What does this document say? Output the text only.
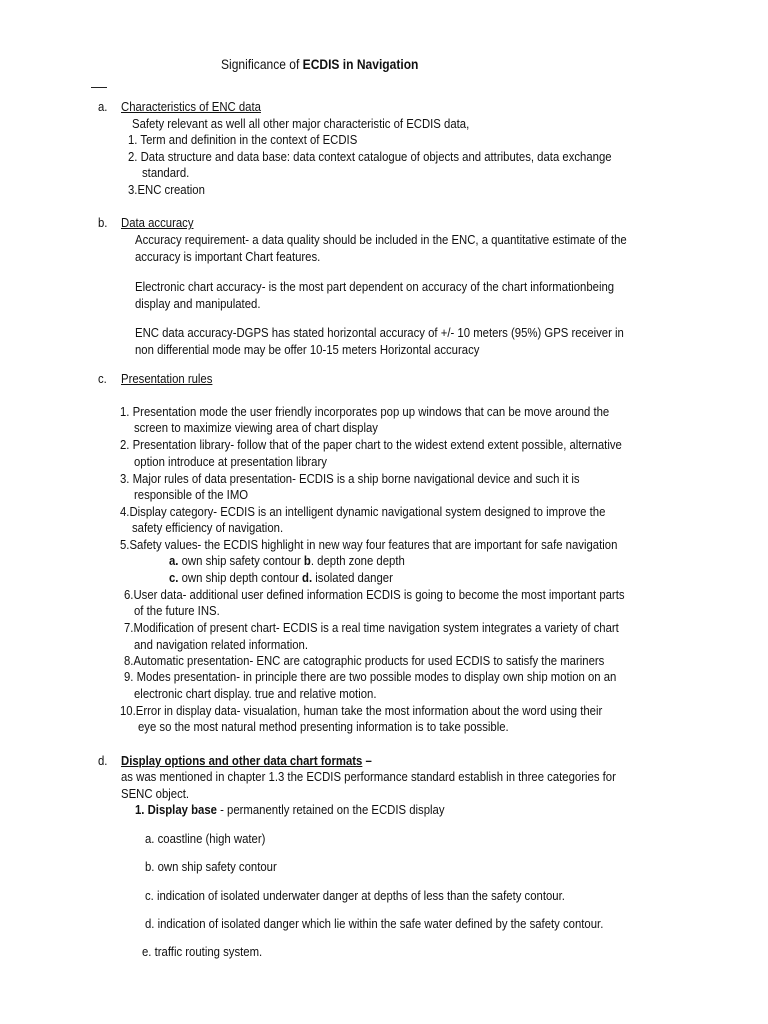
Significance of ECDIS in Navigation
a. Characteristics of ENC data
Safety relevant as well all other major characteristic of ECDIS data,
1. Term and definition in the context of ECDIS
2. Data structure and data base: data context catalogue of objects and attributes, data exchange
standard.
3.ENC creation
b. Data accuracy
Accuracy requirement- a data quality should be included in the ENC, a quantitative estimate of the
accuracy is important Chart features.
Electronic chart accuracy- is the most part dependent on accuracy of the chart informationbeing
display and manipulated.
ENC data accuracy-DGPS has stated horizontal accuracy of +/- 10 meters (95%) GPS receiver in
non differential mode may be offer 10-15 meters Horizontal accuracy
c. Presentation rules
1. Presentation mode the user friendly incorporates pop up windows that can be move around the
screen to maximize viewing area of chart display
2. Presentation library- follow that of the paper chart to the widest extend extent possible, alternative
option introduce at presentation library
3. Major rules of data presentation- ECDIS is a ship borne navigational device and such it is
responsible of the IMO
4.Display category- ECDIS is an intelligent dynamic navigational system designed to improve the
safety efficiency of navigation.
5.Safety values- the ECDIS highlight in new way four features that are important for safe navigation
a. own ship safety contour b. depth zone depth
c. own ship depth contour d. isolated danger
6.User data- additional user defined information ECDIS is going to become the most important parts
of the future INS.
7.Modification of present chart- ECDIS is a real time navigation system integrates a variety of chart
and navigation related information.
8.Automatic presentation- ENC are catographic products for used ECDIS to satisfy the mariners
9. Modes presentation- in principle there are two possible modes to display own ship motion on an
electronic chart display. true and relative motion.
10.Error in display data- visualation, human take the most information about the word using their
eye so the most natural method presenting information is to take possible.
d. Display options and other data chart formats –
as was mentioned in chapter 1.3 the ECDIS performance standard establish in three categories for
SENC object.
1. Display base - permanently retained on the ECDIS display
a. coastline (high water)
b. own ship safety contour
c. indication of isolated underwater danger at depths of less than the safety contour.
d. indication of isolated danger which lie within the safe water defined by the safety contour.
e. traffic routing system.
